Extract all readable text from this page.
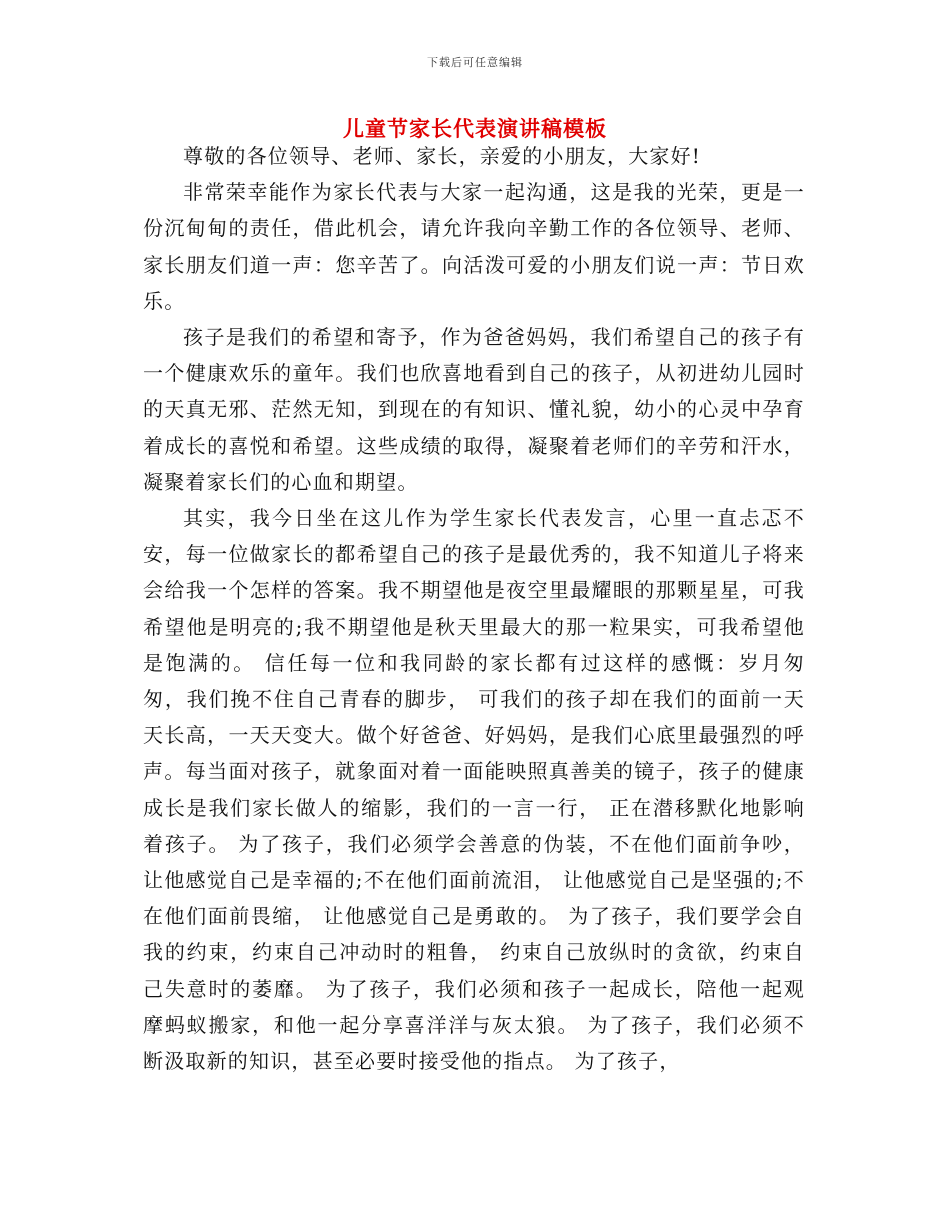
下载后可任意编辑
儿童节家长代表演讲稿模板

尊敬的各位领导、老师、家长，亲爱的小朋友，大家好!

非常荣幸能作为家长代表与大家一起沟通，这是我的光荣，更是一份沉甸甸的责任，借此机会，请允许我向辛勤工作的各位领导、老师、家长朋友们道一声：您辛苦了。向活泼可爱的小朋友们说一声：节日欢乐。

孩子是我们的希望和寄予，作为爸爸妈妈，我们希望自己的孩子有一个健康欢乐的童年。我们也欣喜地看到自己的孩子，从初进幼儿园时的天真无邪、茫然无知，到现在的有知识、懂礼貌，幼小的心灵中孕育着成长的喜悦和希望。这些成绩的取得，凝聚着老师们的辛劳和汗水，凝聚着家长们的心血和期望。

其实，我今日坐在这儿作为学生家长代表发言，心里一直忐忑不安，每一位做家长的都希望自己的孩子是最优秀的，我不知道儿子将来会给我一个怎样的答案。我不期望他是夜空里最耀眼的那颗星星，可我希望他是明亮的;我不期望他是秋天里最大的那一粒果实，可我希望他是饱满的。 信任每一位和我同龄的家长都有过这样的感慨：岁月匆匆，我们挽不住自己青春的脚步， 可我们的孩子却在我们的面前一天天长高，一天天变大。做个好爸爸、好妈妈，是我们心底里最强烈的呼声。每当面对孩子，就象面对着一面能映照真善美的镜子，孩子的健康成长是我们家长做人的缩影，我们的一言一行， 正在潜移默化地影响着孩子。 为了孩子，我们必须学会善意的伪装，不在他们面前争吵，让他感觉自己是幸福的;不在他们面前流泪， 让他感觉自己是坚强的;不在他们面前畏缩， 让他感觉自己是勇敢的。 为了孩子，我们要学会自我的约束，约束自己冲动时的粗鲁， 约束自己放纵时的贪欲，约束自己失意时的萎靡。 为了孩子，我们必须和孩子一起成长，陪他一起观摩蚂蚁搬家，和他一起分享喜洋洋与灰太狼。 为了孩子，我们必须不断汲取新的知识，甚至必要时接受他的指点。 为了孩子，
